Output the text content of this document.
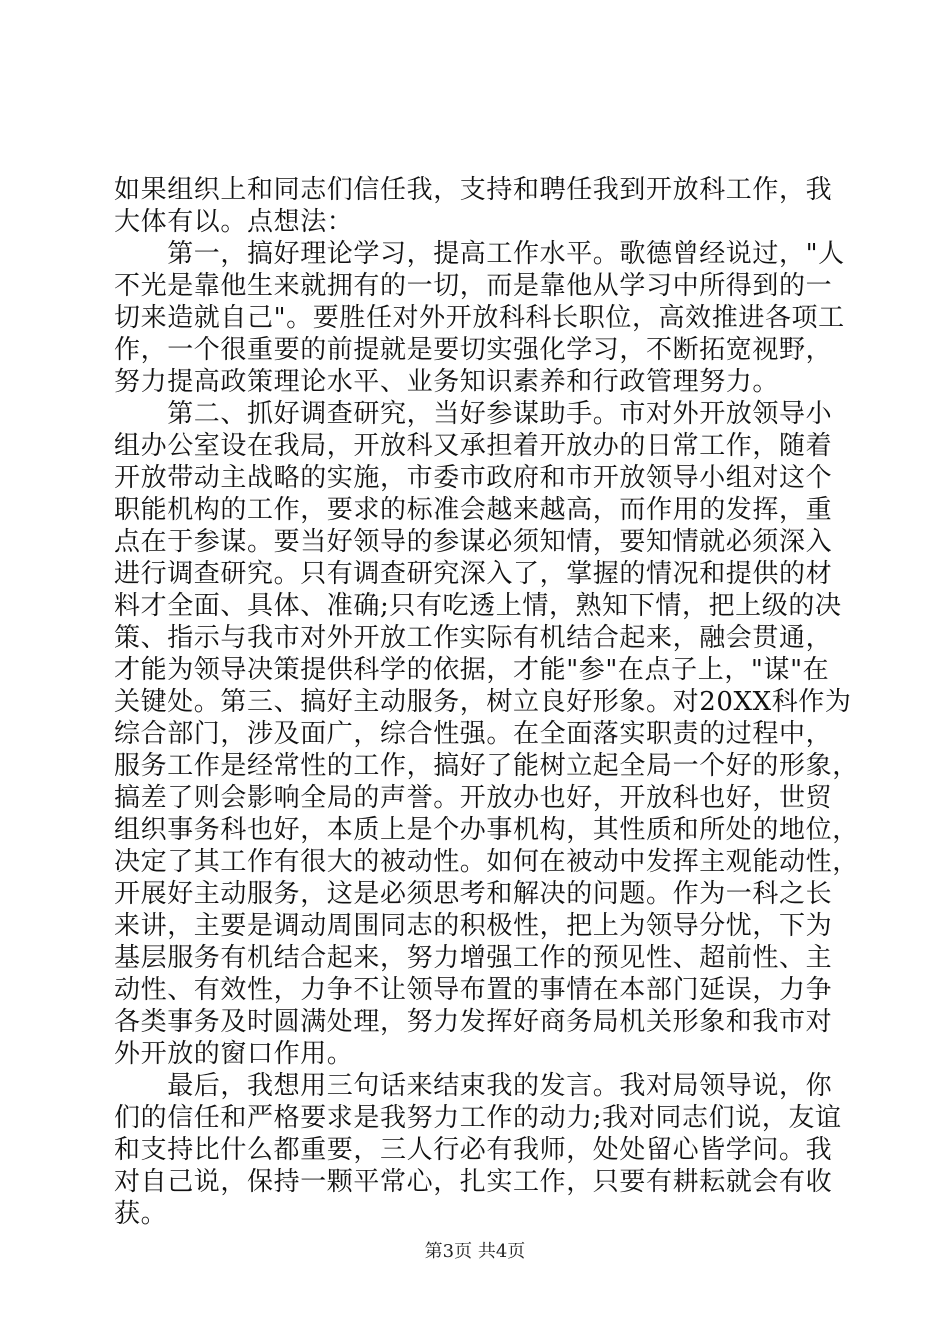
如果组织上和同志们信任我，支持和聘任我到开放科工作，我
大体有以。点想法：
　　第一，搞好理论学习，提高工作水平。歌德曾经说过，"人
不光是靠他生来就拥有的一切，而是靠他从学习中所得到的一
切来造就自己"。要胜任对外开放科科长职位，高效推进各项工
作，一个很重要的前提就是要切实强化学习，不断拓宽视野，
努力提高政策理论水平、业务知识素养和行政管理努力。
　　第二、抓好调查研究，当好参谋助手。市对外开放领导小
组办公室设在我局，开放科又承担着开放办的日常工作，随着
开放带动主战略的实施，市委市政府和市开放领导小组对这个
职能机构的工作，要求的标准会越来越高，而作用的发挥，重
点在于参谋。要当好领导的参谋必须知情，要知情就必须深入
进行调查研究。只有调查研究深入了，掌握的情况和提供的材
料才全面、具体、准确;只有吃透上情，熟知下情，把上级的决
策、指示与我市对外开放工作实际有机结合起来，融会贯通，
才能为领导决策提供科学的依据，才能"参"在点子上，"谋"在
关键处。第三、搞好主动服务，树立良好形象。对20XX科作为
综合部门，涉及面广，综合性强。在全面落实职责的过程中，
服务工作是经常性的工作，搞好了能树立起全局一个好的形象，
搞差了则会影响全局的声誉。开放办也好，开放科也好，世贸
组织事务科也好，本质上是个办事机构，其性质和所处的地位，
决定了其工作有很大的被动性。如何在被动中发挥主观能动性，
开展好主动服务，这是必须思考和解决的问题。作为一科之长
来讲，主要是调动周围同志的积极性，把上为领导分忧，下为
基层服务有机结合起来，努力增强工作的预见性、超前性、主
动性、有效性，力争不让领导布置的事情在本部门延误，力争
各类事务及时圆满处理，努力发挥好商务局机关形象和我市对
外开放的窗口作用。
　　最后，我想用三句话来结束我的发言。我对局领导说，你
们的信任和严格要求是我努力工作的动力;我对同志们说，友谊
和支持比什么都重要，三人行必有我师，处处留心皆学问。我
对自己说，保持一颗平常心，扎实工作，只要有耕耘就会有收
获。
第3页 共4页
